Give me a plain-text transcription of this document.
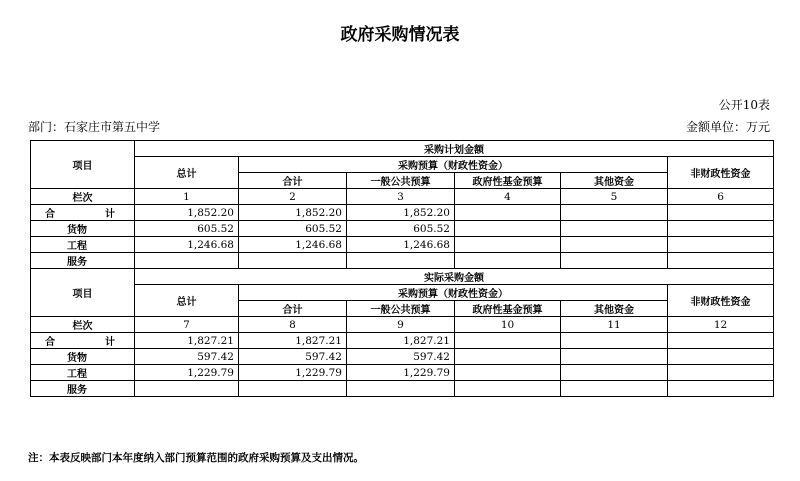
政府采购情况表
公开10表
部门：石家庄市第五中学	金额单位：万元
项目	采购计划金额					
	总计	采购预算（财政性资金）				非财政性资金
		合计	一般公共预算	政府性基金预算	其他资金	
栏次	1	2	3	4	5	6
合计	1,852.20	1,852.20	1,852.20			
货物	605.52	605.52	605.52			
工程	1,246.68	1,246.68	1,246.68			
服务						
项目	实际采购金额					
	总计	采购预算（财政性资金）				非财政性资金
		合计	一般公共预算	政府性基金预算	其他资金	
栏次	7	8	9	10	11	12
合计	1,827.21	1,827.21	1,827.21			
货物	597.42	597.42	597.42			
工程	1,229.79	1,229.79	1,229.79			
服务						
注：本表反映部门本年度纳入部门预算范围的政府采购预算及支出情况。
